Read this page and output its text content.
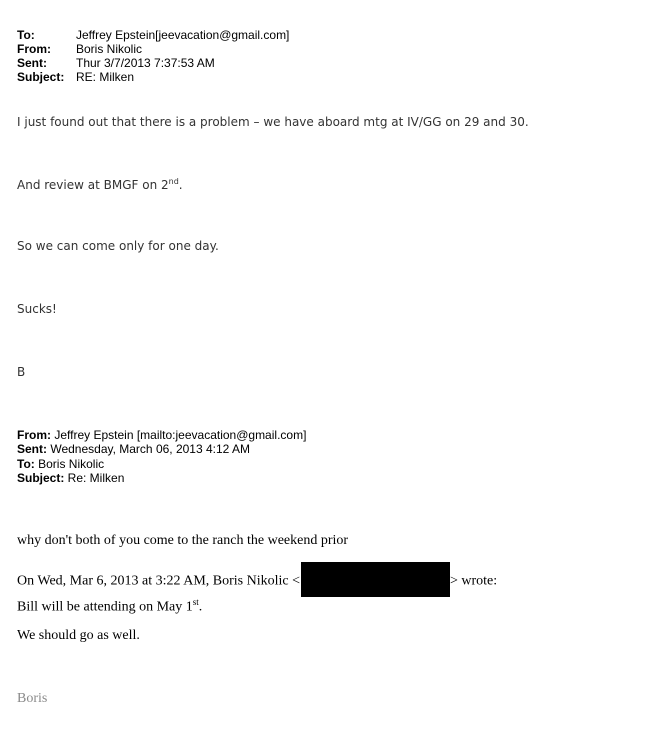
To:	Jeffrey Epstein[jeevacation@gmail.com]
From: Boris Nikolic
Sent: Thur 3/7/2013 7:37:53 AM
Subject: RE: Milken
I just found out that there is a problem – we have aboard mtg at IV/GG on 29 and 30.
And review at BMGF on 2nd.
So we can come only for one day.
Sucks!
B
From: Jeffrey Epstein [mailto:jeevacation@gmail.com]
Sent: Wednesday, March 06, 2013 4:12 AM
To: Boris Nikolic
Subject: Re: Milken
why don't both of you come to the ranch the weekend prior
On Wed, Mar 6, 2013 at 3:22 AM, Boris Nikolic <	> wrote:
Bill will be attending on May 1st.
We should go as well.
Boris
